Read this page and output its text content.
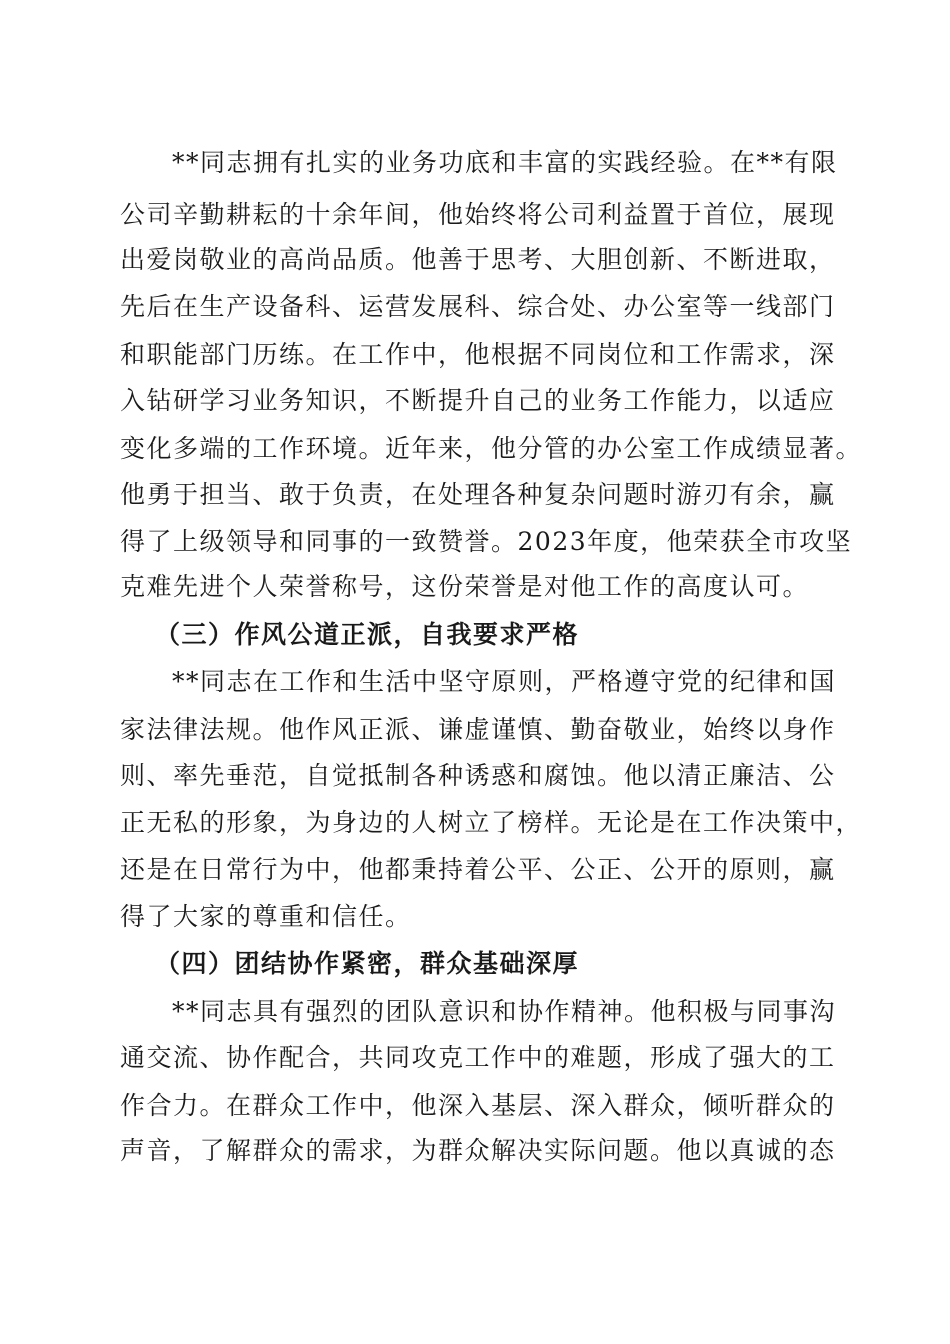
**同志拥有扎实的业务功底和丰富的实践经验。在**有限
公司辛勤耕耘的十余年间，他始终将公司利益置于首位，展现
出爱岗敬业的高尚品质。他善于思考、大胆创新、不断进取，
先后在生产设备科、运营发展科、综合处、办公室等一线部门
和职能部门历练。在工作中，他根据不同岗位和工作需求，深
入钻研学习业务知识，不断提升自己的业务工作能力，以适应
变化多端的工作环境。近年来，他分管的办公室工作成绩显著。
他勇于担当、敢于负责，在处理各种复杂问题时游刃有余，赢
得了上级领导和同事的一致赞誉。2023年度，他荣获全市攻坚
克难先进个人荣誉称号，这份荣誉是对他工作的高度认可。
（三）作风公道正派，自我要求严格
**同志在工作和生活中坚守原则，严格遵守党的纪律和国
家法律法规。他作风正派、谦虚谨慎、勤奋敬业，始终以身作
则、率先垂范，自觉抵制各种诱惑和腐蚀。他以清正廉洁、公
正无私的形象，为身边的人树立了榜样。无论是在工作决策中，
还是在日常行为中，他都秉持着公平、公正、公开的原则，赢
得了大家的尊重和信任。
（四）团结协作紧密，群众基础深厚
**同志具有强烈的团队意识和协作精神。他积极与同事沟
通交流、协作配合，共同攻克工作中的难题，形成了强大的工
作合力。在群众工作中，他深入基层、深入群众，倾听群众的
声音，了解群众的需求，为群众解决实际问题。他以真诚的态
